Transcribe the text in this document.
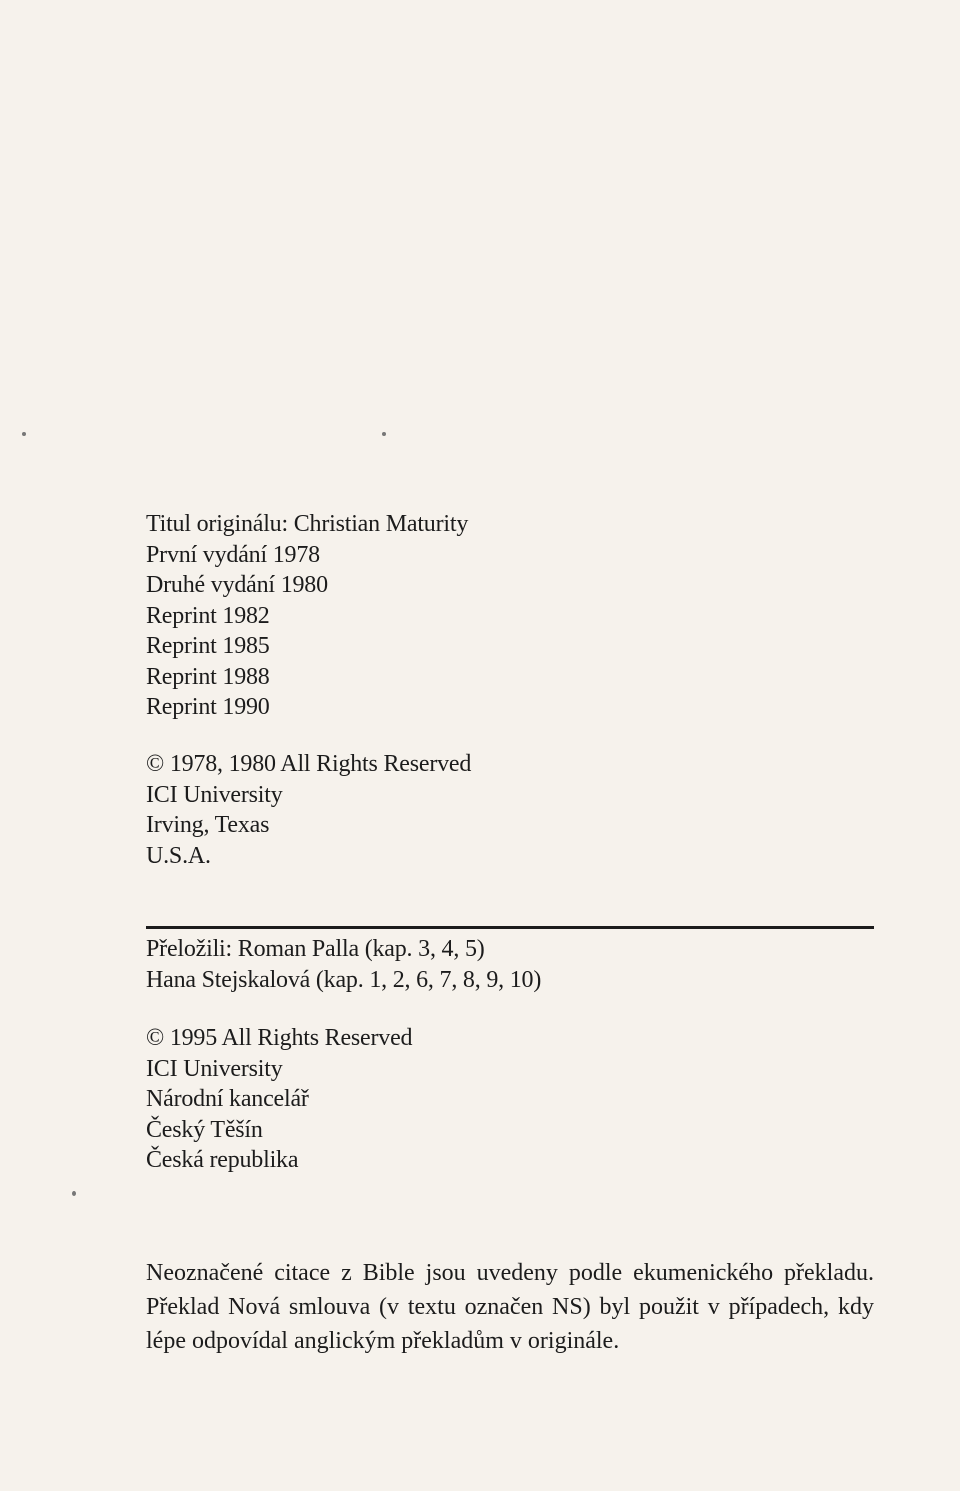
Titul originálu: Christian Maturity
První vydání 1978
Druhé vydání 1980
Reprint 1982
Reprint 1985
Reprint 1988
Reprint 1990
© 1978, 1980 All Rights Reserved
ICI University
Irving, Texas
U.S.A.
Přeložili: Roman Palla (kap. 3, 4, 5)
Hana Stejskalová (kap. 1, 2, 6, 7, 8, 9, 10)
© 1995 All Rights Reserved
ICI University
Národní kancelář
Český Těšín
Česká republika

Neoznačené citace z Bible jsou uvedeny podle ekumenického překladu. Překlad Nová smlouva (v textu označen NS) byl použit v případech, kdy lépe odpovídal anglickým překladům v originále.
